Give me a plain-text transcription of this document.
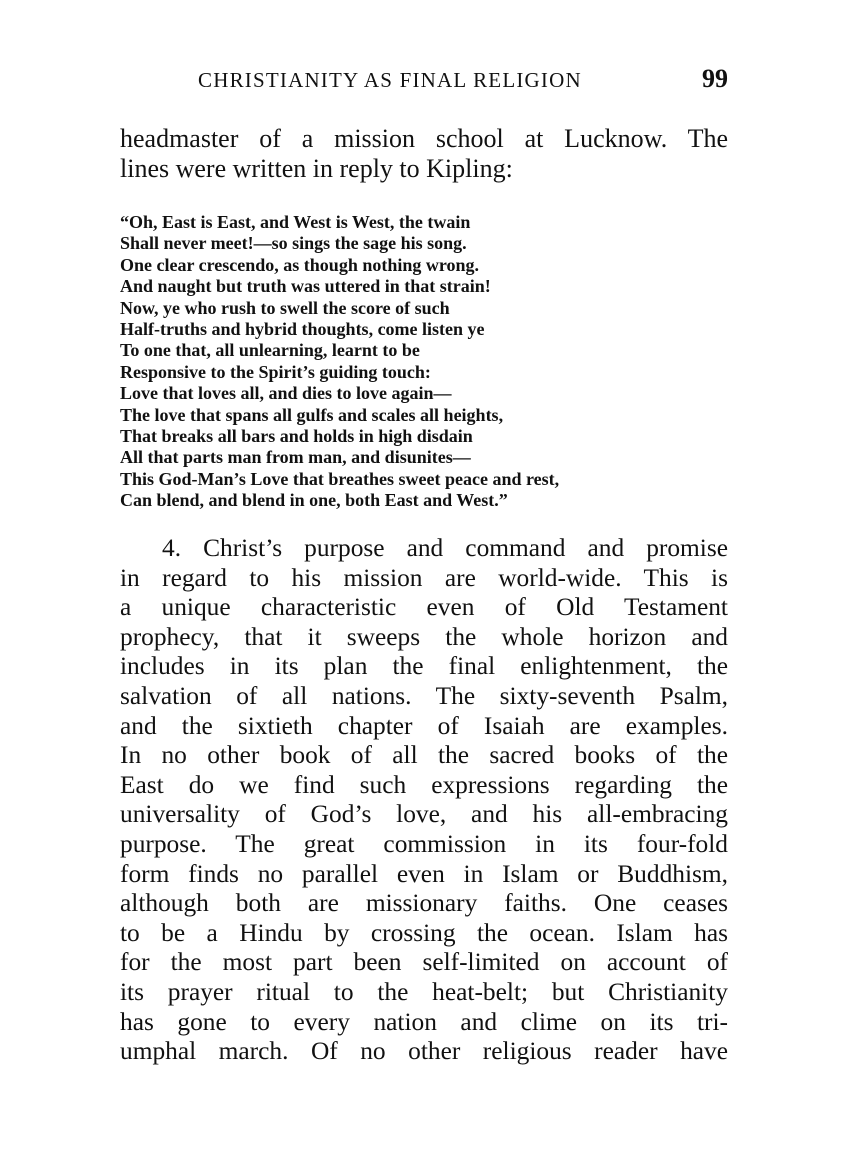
CHRISTIANITY AS FINAL RELIGION	99
headmaster of a mission school at Lucknow. The
lines were written in reply to Kipling:
“Oh, East is East, and West is West, the twain
Shall never meet!—so sings the sage his song.
One clear crescendo, as though nothing wrong.
And naught but truth was uttered in that strain!
Now, ye who rush to swell the score of such
Half-truths and hybrid thoughts, come listen ye
To one that, all unlearning, learnt to be
Responsive to the Spirit’s guiding touch:
Love that loves all, and dies to love again—
The love that spans all gulfs and scales all heights,
That breaks all bars and holds in high disdain
All that parts man from man, and disunites—
This God-Man’s Love that breathes sweet peace and rest,
Can blend, and blend in one, both East and West.”
4. Christ’s purpose and command and promise
in regard to his mission are world-wide. This is
a unique characteristic even of Old Testament
prophecy, that it sweeps the whole horizon and
includes in its plan the final enlightenment, the
salvation of all nations. The sixty-seventh Psalm,
and the sixtieth chapter of Isaiah are examples.
In no other book of all the sacred books of the
East do we find such expressions regarding the
universality of God’s love, and his all-embracing
purpose. The great commission in its four-fold
form finds no parallel even in Islam or Buddhism,
although both are missionary faiths. One ceases
to be a Hindu by crossing the ocean. Islam has
for the most part been self-limited on account of
its prayer ritual to the heat-belt; but Christianity
has gone to every nation and clime on its tri-
umphal march. Of no other religious reader have
